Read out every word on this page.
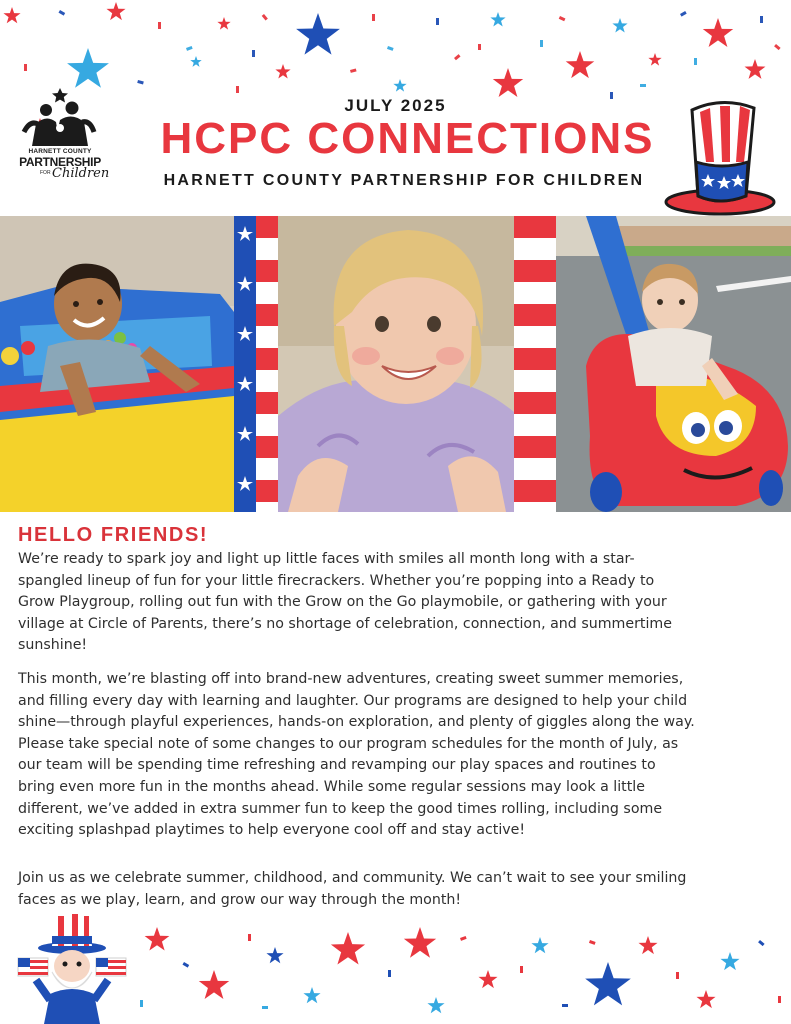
HARNETT COUNTY
PARTNERSHIP
FOR Children
JULY 2025
HCPC CONNECTIONS
HARNETT COUNTY PARTNERSHIP FOR CHILDREN
HELLO FRIENDS!
We’re ready to spark joy and light up little faces with smiles all month long with a star-
spangled lineup of fun for your little firecrackers. Whether you’re popping into a Ready to
Grow Playgroup, rolling out fun with the Grow on the Go playmobile, or gathering with your
village at Circle of Parents, there’s no shortage of celebration, connection, and summertime
sunshine!
This month, we’re blasting off into brand-new adventures, creating sweet summer memories,
and filling every day with learning and laughter. Our programs are designed to help your child
shine—through playful experiences, hands-on exploration, and plenty of giggles along the way.
Please take special note of some changes to our program schedules for the month of July, as
our team will be spending time refreshing and revamping our play spaces and routines to
bring even more fun in the months ahead. While some regular sessions may look a little
different, we’ve added in extra summer fun to keep the good times rolling, including some
exciting splashpad playtimes to help everyone cool off and stay active!
Join us as we celebrate summer, childhood, and community. We can’t wait to see your smiling
faces as we play, learn, and grow our way through the month!
